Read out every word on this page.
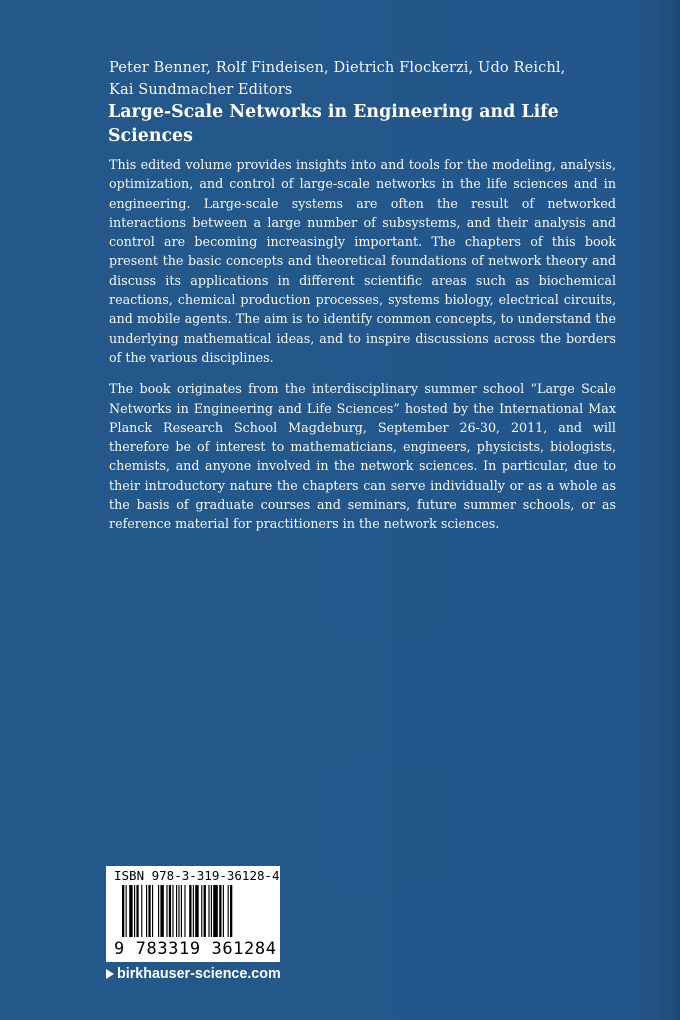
Peter Benner, Rolf Findeisen, Dietrich Flockerzi, Udo Reichl,
Kai Sundmacher Editors
Large-Scale Networks in Engineering and Life Sciences

This edited volume provides insights into and tools for the modeling, analysis, optimization, and control of large-scale networks in the life sciences and in engineering. Large-scale systems are often the result of networked interactions between a large number of subsystems, and their analysis and control are becoming increasingly important. The chapters of this book present the basic concepts and theoretical foundations of network theory and discuss its applications in different scientific areas such as biochemical reactions, chemical production processes, systems biology, electrical circuits, and mobile agents. The aim is to identify common concepts, to understand the underlying mathematical ideas, and to inspire discussions across the borders of the various disciplines.

The book originates from the interdisciplinary summer school “Large Scale Networks in Engineering and Life Sciences” hosted by the International Max Planck Research School Magdeburg, September 26-30, 2011, and will therefore be of interest to mathematicians, engineers, physicists, biologists, chemists, and anyone involved in the network sciences. In particular, due to their introductory nature the chapters can serve individually or as a whole as the basis of graduate courses and seminars, future summer schools, or as reference material for practitioners in the network sciences.

ISBN 978-3-319-36128-4
9 783319 361284
birkhauser-science.com
